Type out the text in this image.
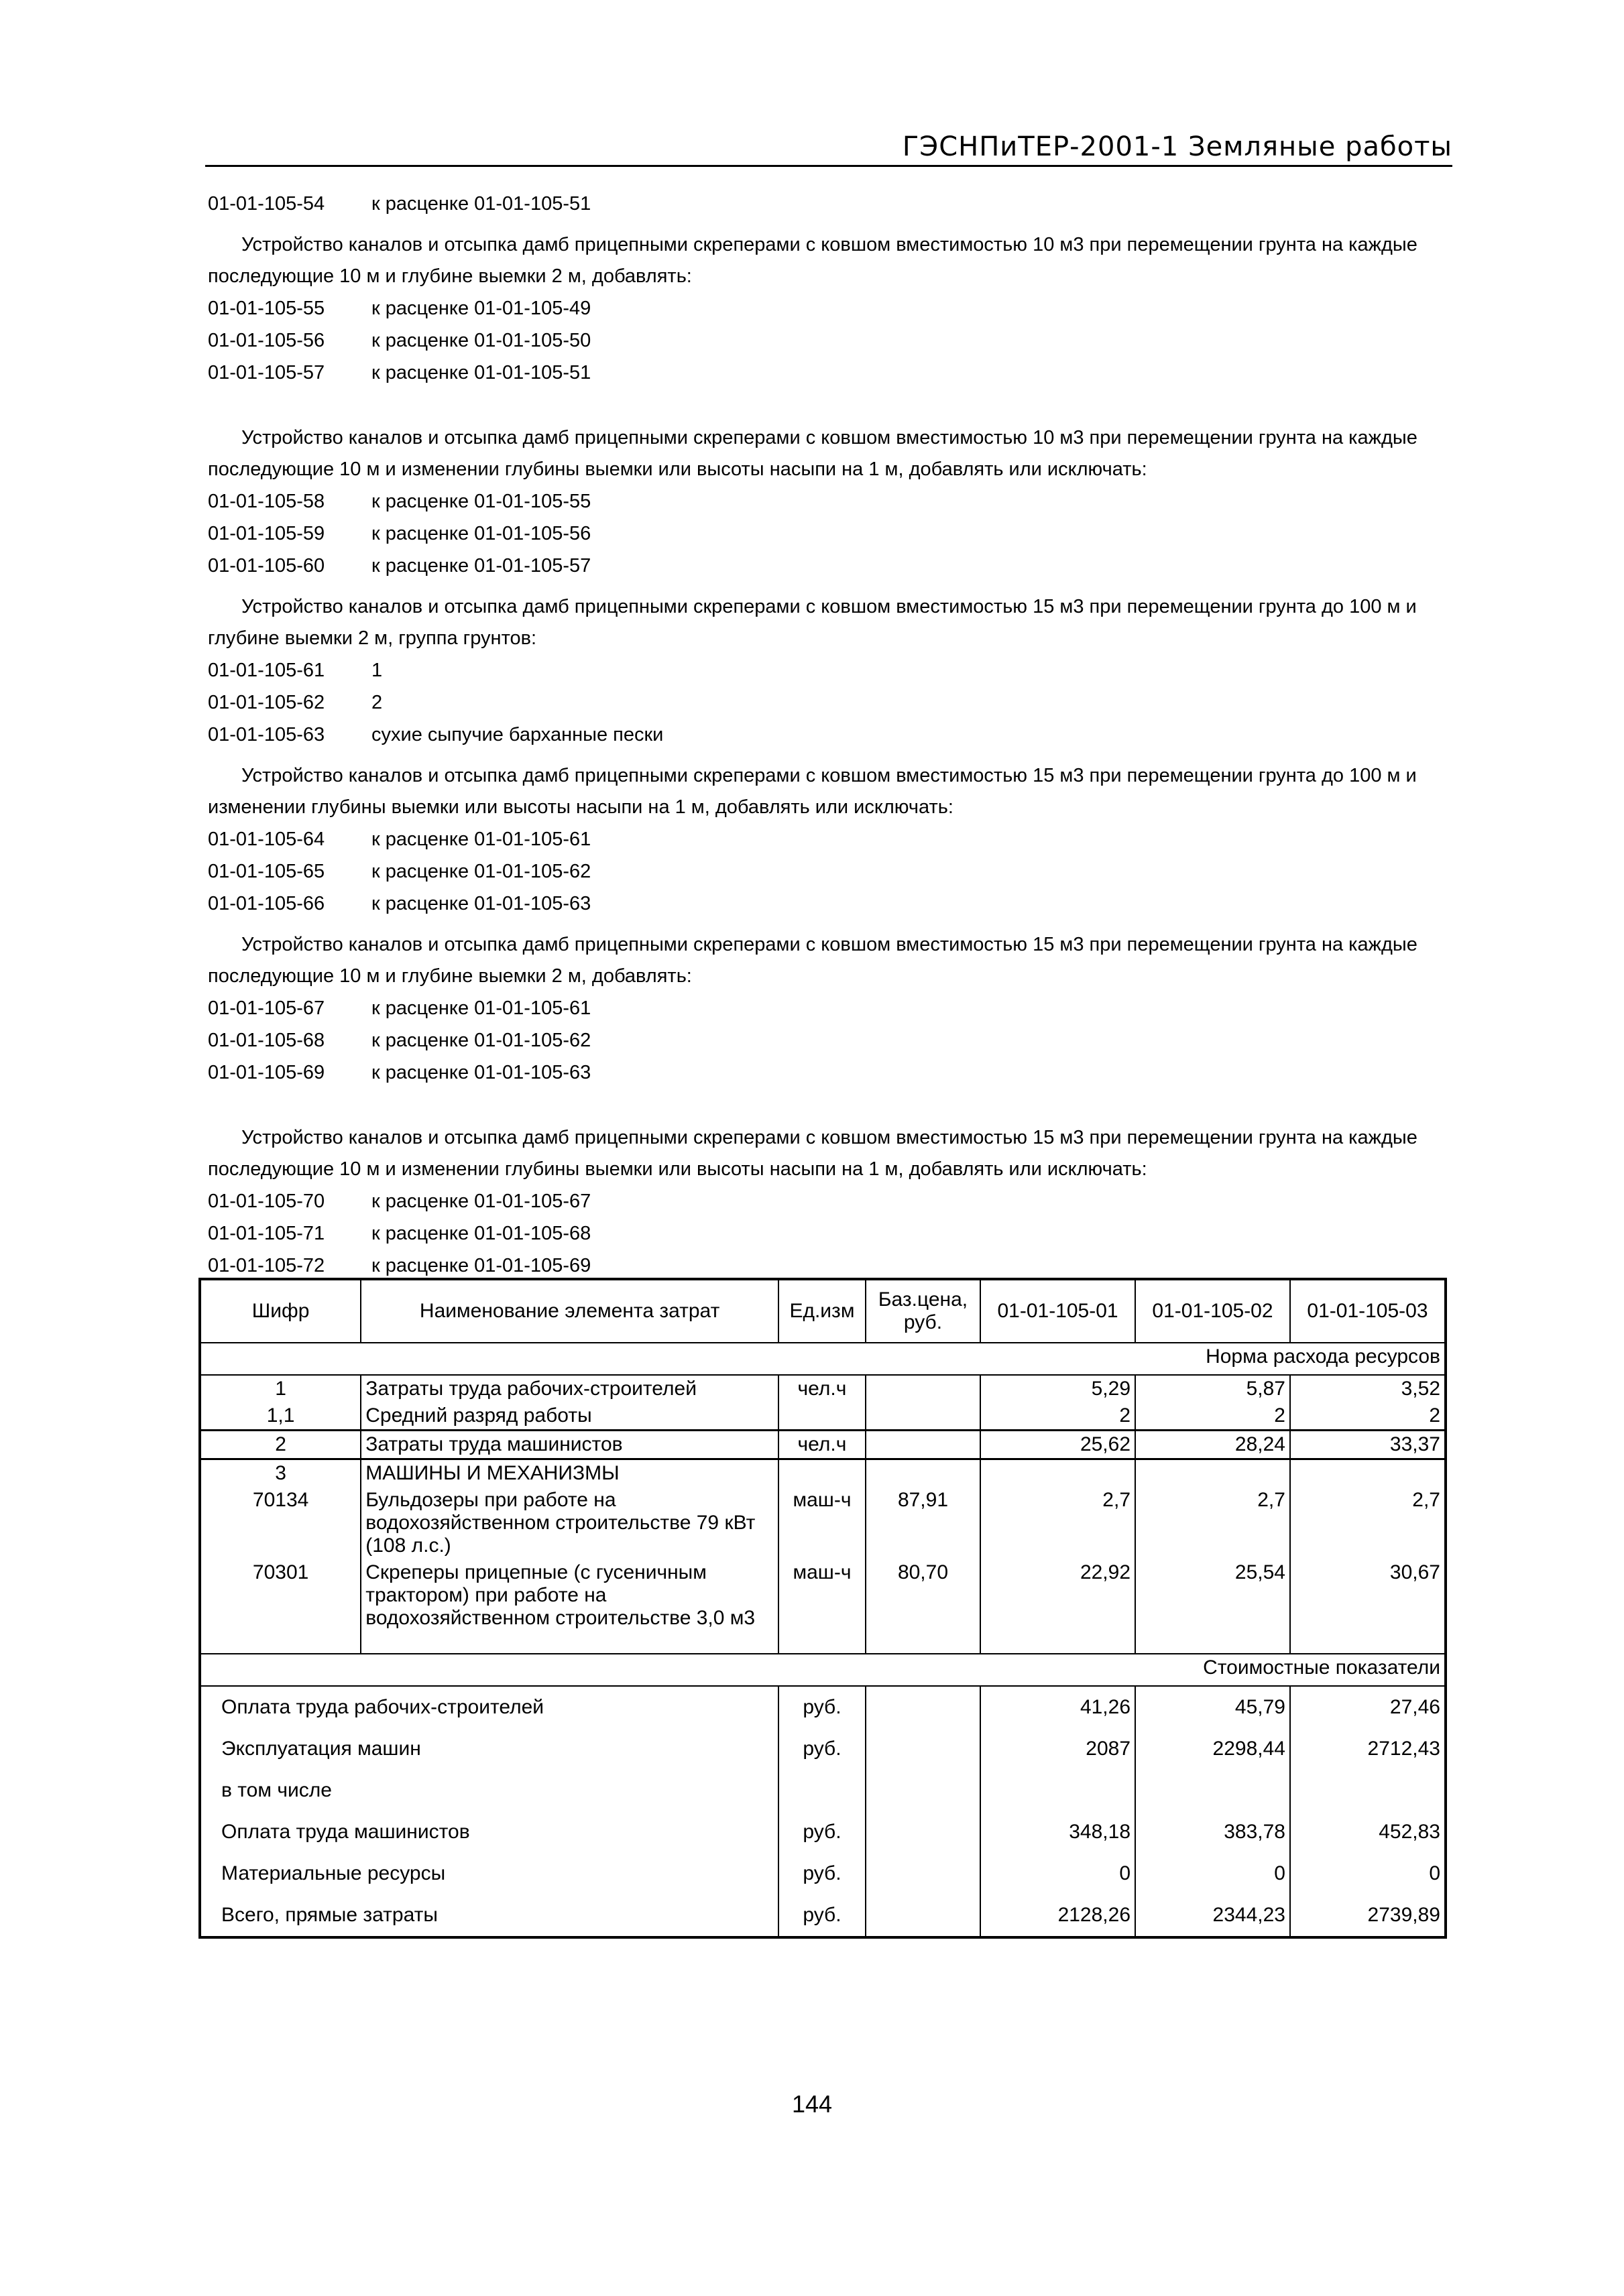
ГЭСНПиТЕР-2001-1 Земляные работы
01-01-105-54	к расценке 01-01-105-51
Устройство каналов и отсыпка дамб прицепными скреперами с ковшом вместимостью 10 м3 при перемещении грунта на каждые последующие 10 м и глубине выемки 2 м, добавлять:
01-01-105-55	к расценке 01-01-105-49
01-01-105-56	к расценке 01-01-105-50
01-01-105-57	к расценке 01-01-105-51
Устройство каналов и отсыпка дамб прицепными скреперами с ковшом вместимостью 10 м3 при перемещении грунта на каждые последующие 10 м и изменении глубины выемки или высоты насыпи на 1 м, добавлять или исключать:
01-01-105-58	к расценке 01-01-105-55
01-01-105-59	к расценке 01-01-105-56
01-01-105-60	к расценке 01-01-105-57
Устройство каналов и отсыпка дамб прицепными скреперами с ковшом вместимостью 15 м3 при перемещении грунта до 100 м и глубине выемки 2 м, группа грунтов:
01-01-105-61	1
01-01-105-62	2
01-01-105-63	сухие сыпучие барханные пески
Устройство каналов и отсыпка дамб прицепными скреперами с ковшом вместимостью 15 м3 при перемещении грунта до 100 м и изменении глубины выемки или высоты насыпи на 1 м, добавлять или исключать:
01-01-105-64	к расценке 01-01-105-61
01-01-105-65	к расценке 01-01-105-62
01-01-105-66	к расценке 01-01-105-63
Устройство каналов и отсыпка дамб прицепными скреперами с ковшом вместимостью 15 м3 при перемещении грунта на каждые последующие 10 м и глубине выемки 2 м, добавлять:
01-01-105-67	к расценке 01-01-105-61
01-01-105-68	к расценке 01-01-105-62
01-01-105-69	к расценке 01-01-105-63
Устройство каналов и отсыпка дамб прицепными скреперами с ковшом вместимостью 15 м3 при перемещении грунта на каждые последующие 10 м и изменении глубины выемки или высоты насыпи на 1 м, добавлять или исключать:
01-01-105-70	к расценке 01-01-105-67
01-01-105-71	к расценке 01-01-105-68
01-01-105-72	к расценке 01-01-105-69
Шифр	Наименование элемента затрат	Ед.изм	Баз.цена, руб.	01-01-105-01	01-01-105-02	01-01-105-03
Норма расхода ресурсов						
1	Затраты труда рабочих-строителей	чел.ч		5,29	5,87	3,52
1,1	Средний разряд работы			2	2	2
2	Затраты труда машинистов	чел.ч		25,62	28,24	33,37
3	МАШИНЫ И МЕХАНИЗМЫ					
70134	Бульдозеры при работе на водохозяйственном строительстве 79 кВт (108 л.с.)	маш-ч	87,91	2,7	2,7	2,7
70301	Скреперы прицепные (с гусеничным трактором) при работе на водохозяйственном строительстве 3,0 м3	маш-ч	80,70	22,92	25,54	30,67

Стоимостные показатели						
Оплата труда рабочих-строителей		руб.		41,26	45,79	27,46
Эксплуатация машин		руб.		2087	2298,44	2712,43
в том числе						
Оплата труда машинистов		руб.		348,18	383,78	452,83
Материальные ресурсы		руб.		0	0	0
Всего, прямые затраты		руб.		2128,26	2344,23	2739,89
144
